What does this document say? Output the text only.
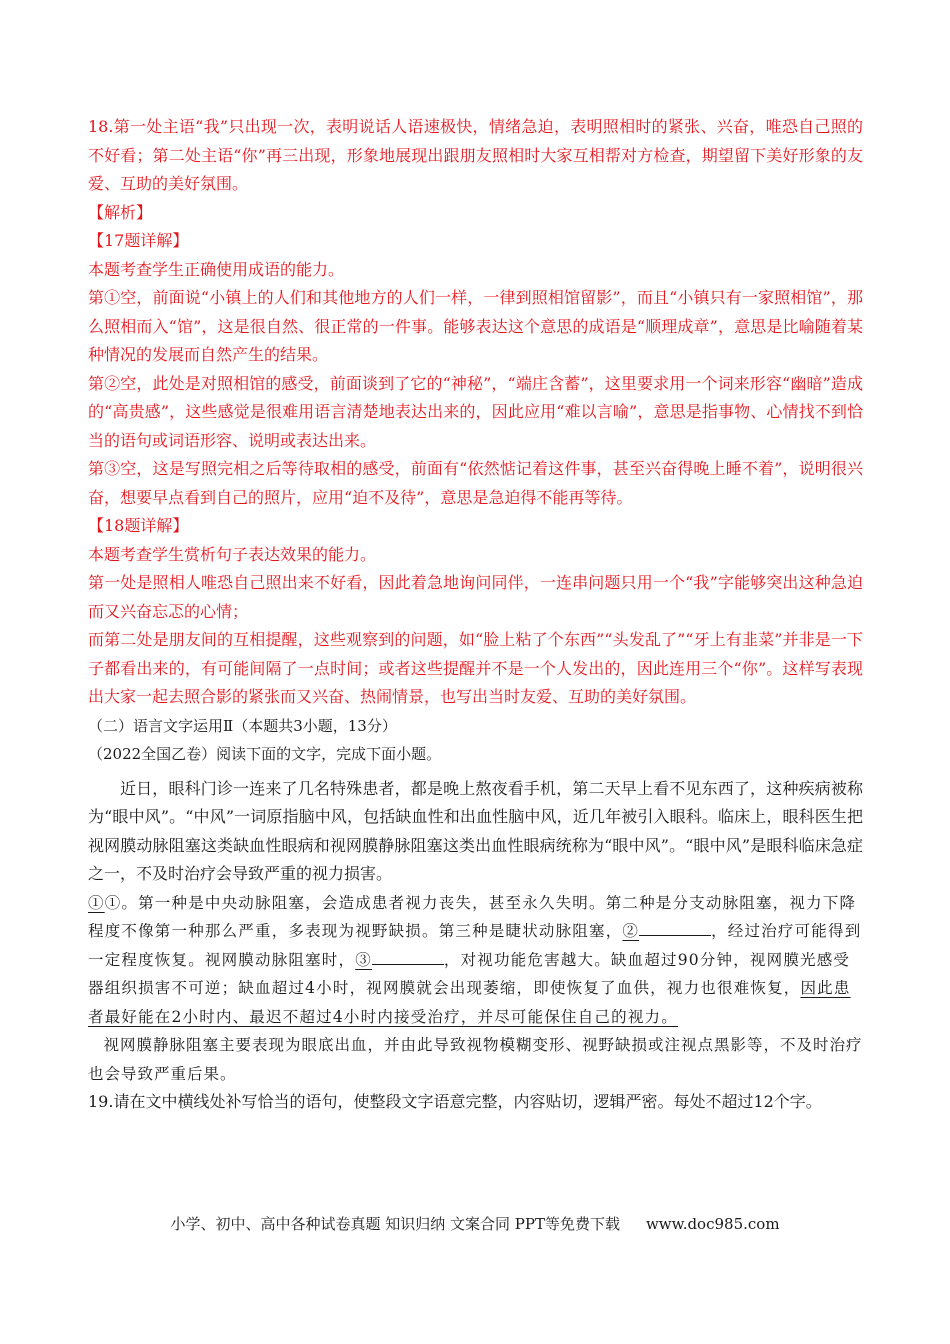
18.第一处主语“我”只出现一次，表明说话人语速极快，情绪急迫，表明照相时的紧张、兴奋，唯恐自己照的不好看；第二处主语“你”再三出现，形象地展现出跟朋友照相时大家互相帮对方检查，期望留下美好形象的友爱、互助的美好氛围。

【解析】

【17题详解】

本题考查学生正确使用成语的能力。

第①空，前面说“小镇上的人们和其他地方的人们一样，一律到照相馆留影”，而且“小镇只有一家照相馆”，那么照相而入“馆”，这是很自然、很正常的一件事。能够表达这个意思的成语是“顺理成章”，意思是比喻随着某种情况的发展而自然产生的结果。

第②空，此处是对照相馆的感受，前面谈到了它的“神秘”，“端庄含蓄”，这里要求用一个词来形容“幽暗”造成的“高贵感”，这些感觉是很难用语言清楚地表达出来的，因此应用“难以言喻”，意思是指事物、心情找不到恰当的语句或词语形容、说明或表达出来。

第③空，这是写照完相之后等待取相的感受，前面有“依然惦记着这件事，甚至兴奋得晚上睡不着”，说明很兴奋，想要早点看到自己的照片，应用“迫不及待”，意思是急迫得不能再等待。

【18题详解】

本题考查学生赏析句子表达效果的能力。

第一处是照相人唯恐自己照出来不好看，因此着急地询问同伴，一连串问题只用一个“我”字能够突出这种急迫而又兴奋忘忑的心情；

而第二处是朋友间的互相提醒，这些观察到的问题，如“脸上粘了个东西”“头发乱了”“牙上有韭菜”并非是一下子都看出来的，有可能间隔了一点时间；或者这些提醒并不是一个人发出的，因此连用三个“你”。这样写表现出大家一起去照合影的紧张而又兴奋、热闹情景，也写出当时友爱、互助的美好氛围。

（二）语言文字运用Ⅱ（本题共3小题，13分）

（2022全国乙卷）阅读下面的文字，完成下面小题。

近日，眼科门诊一连来了几名特殊患者，都是晚上熬夜看手机，第二天早上看不见东西了，这种疾病被称为“眼中风”。“中风”一词原指脑中风，包括缺血性和出血性脑中风，近几年被引入眼科。临床上，眼科医生把视网膜动脉阻塞这类缺血性眼病和视网膜静脉阻塞这类出血性眼病统称为“眼中风”。“眼中风”是眼科临床急症之一，不及时治疗会导致严重的视力损害。

①①。第一种是中央动脉阻塞，会造成患者视力丧失，甚至永久失明。第二种是分支动脉阻塞，视力下降程度不像第一种那么严重，多表现为视野缺损。第三种是睫状动脉阻塞，②	，经过治疗可能得到一定程度恢复。视网膜动脉阻塞时，③	，对视功能危害越大。缺血超过90分钟，视网膜光感受器组织损害不可逆；缺血超过4小时，视网膜就会出现萎缩，即使恢复了血供，视力也很难恢复，因此患者最好能在2小时内、最迟不超过4小时内接受治疗，并尽可能保住自己的视力。

视网膜静脉阻塞主要表现为眼底出血，并由此导致视物模糊变形、视野缺损或注视点黑影等，不及时治疗也会导致严重后果。

19.请在文中横线处补写恰当的语句，使整段文字语意完整，内容贴切，逻辑严密。每处不超过12个字。

小学、初中、高中各种试卷真题 知识归纳 文案合同 PPT等免费下载 www.doc985.com
